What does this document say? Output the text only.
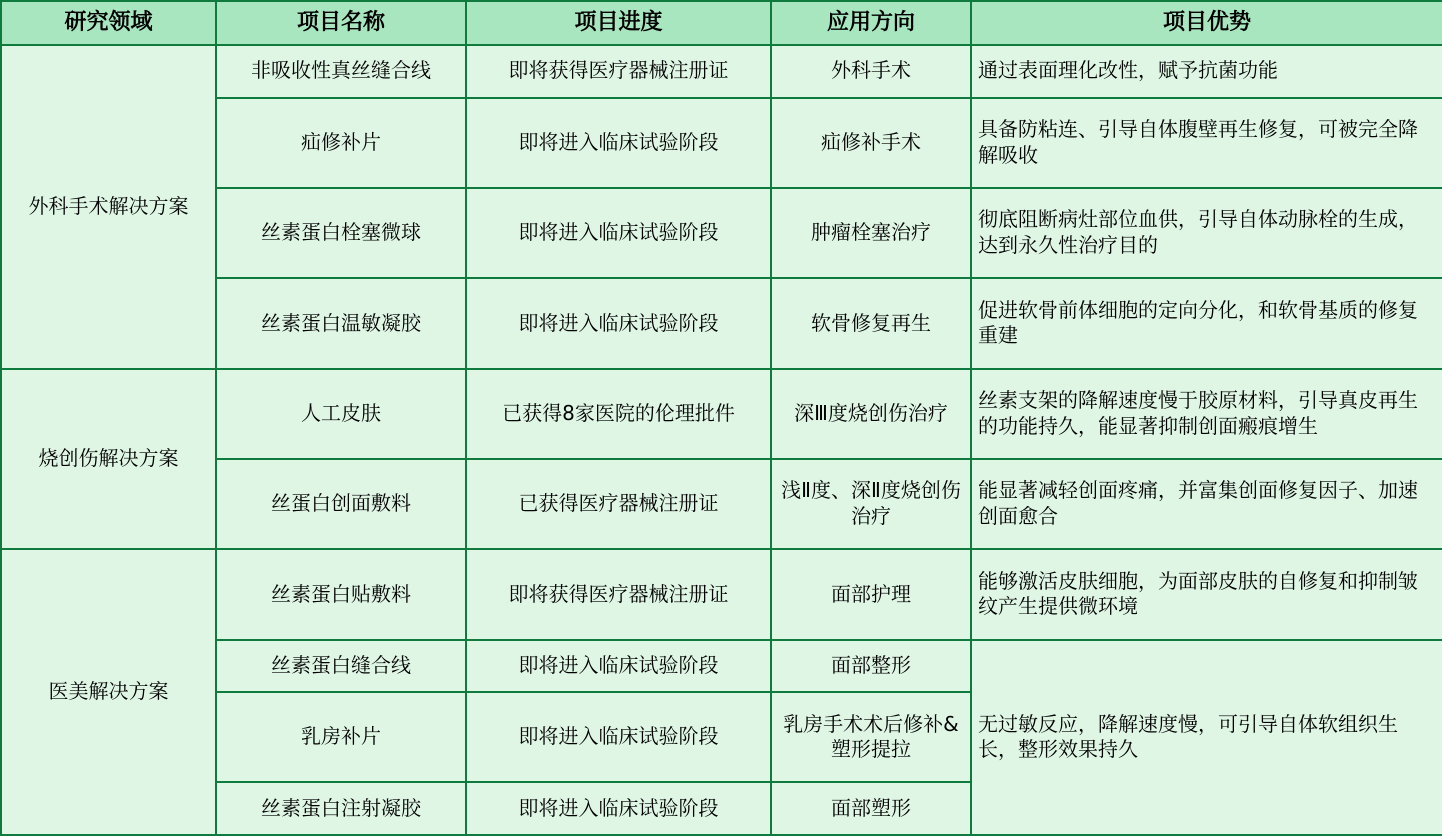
研究领域	项目名称	项目进度	应用方向	项目优势
外科手术解决方案	非吸收性真丝缝合线	即将获得医疗器械注册证	外科手术	通过表面理化改性，赋予抗菌功能
	疝修补片	即将进入临床试验阶段	疝修补手术	具备防粘连、引导自体腹壁再生修复，可被完全降解吸收
	丝素蛋白栓塞微球	即将进入临床试验阶段	肿瘤栓塞治疗	彻底阻断病灶部位血供，引导自体动脉栓的生成，达到永久性治疗目的
	丝素蛋白温敏凝胶	即将进入临床试验阶段	软骨修复再生	促进软骨前体细胞的定向分化，和软骨基质的修复重建
烧创伤解决方案	人工皮肤	已获得8家医院的伦理批件	深Ⅲ度烧创伤治疗	丝素支架的降解速度慢于胶原材料，引导真皮再生的功能持久，能显著抑制创面瘢痕增生
	丝蛋白创面敷料	已获得医疗器械注册证	浅Ⅱ度、深Ⅱ度烧创伤治疗	能显著减轻创面疼痛，并富集创面修复因子、加速创面愈合
医美解决方案	丝素蛋白贴敷料	即将获得医疗器械注册证	面部护理	能够激活皮肤细胞，为面部皮肤的自修复和抑制皱纹产生提供微环境
	丝素蛋白缝合线	即将进入临床试验阶段	面部整形	无过敏反应，降解速度慢，可引导自体软组织生长，整形效果持久
	乳房补片	即将进入临床试验阶段	乳房手术术后修补&塑形提拉	
	丝素蛋白注射凝胶	即将进入临床试验阶段	面部塑形	
